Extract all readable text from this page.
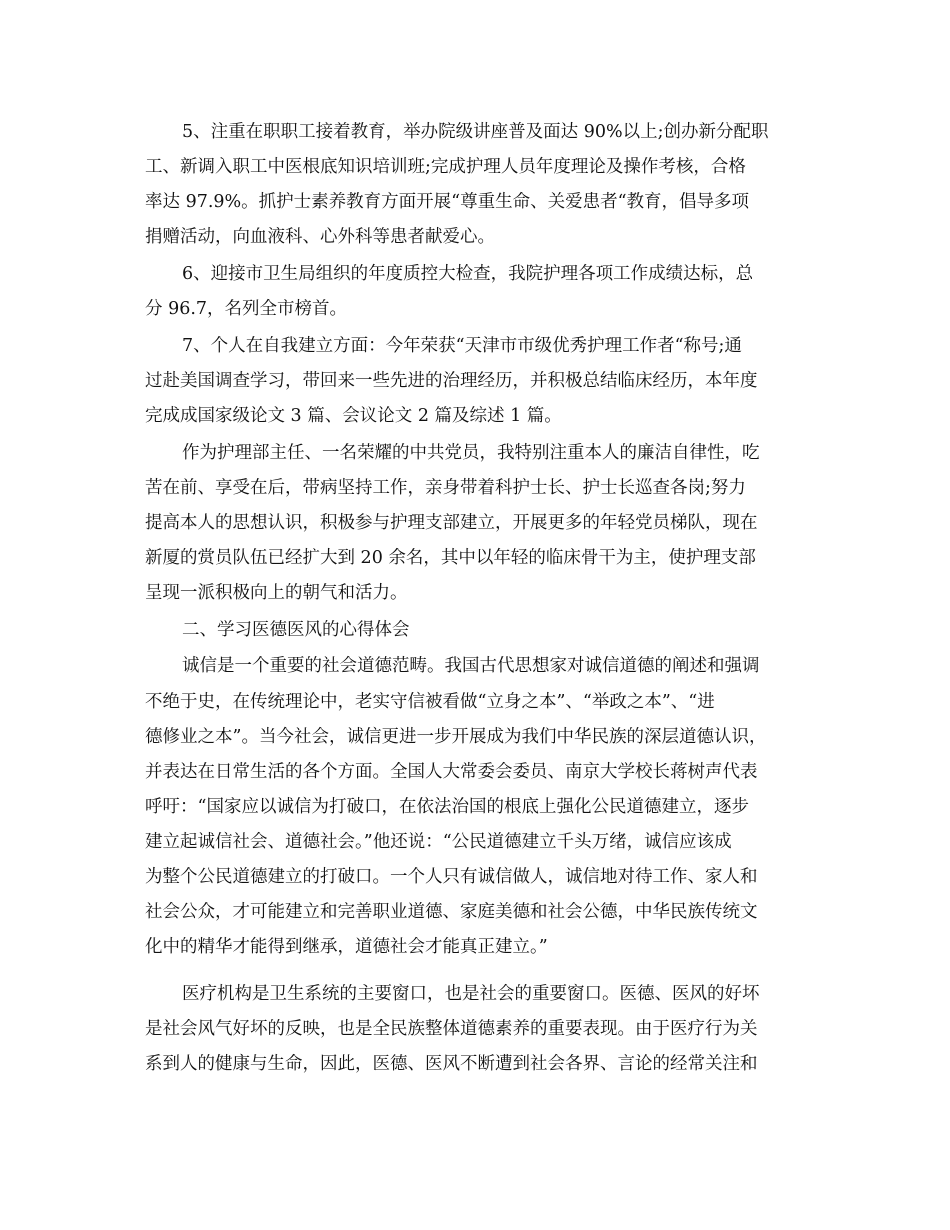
5、注重在职职工接着教育，举办院级讲座普及面达 90%以上;创办新分配职
工、新调入职工中医根底知识培训班;完成护理人员年度理论及操作考核，合格
率达 97.9%。抓护士素养教育方面开展“尊重生命、关爱患者“教育，倡导多项
捐赠活动，向血液科、心外科等患者献爱心。
6、迎接市卫生局组织的年度质控大检查，我院护理各项工作成绩达标，总
分 96.7，名列全市榜首。
7、个人在自我建立方面：今年荣获“天津市市级优秀护理工作者“称号;通
过赴美国调查学习，带回来一些先进的治理经历，并积极总结临床经历，本年度
完成成国家级论文 3 篇、会议论文 2 篇及综述 1 篇。
作为护理部主任、一名荣耀的中共党员，我特别注重本人的廉洁自律性，吃
苦在前、享受在后，带病坚持工作，亲身带着科护士长、护士长巡查各岗;努力
提高本人的思想认识，积极参与护理支部建立，开展更多的年轻党员梯队，现在
新厦的赏员队伍已经扩大到 20 余名，其中以年轻的临床骨干为主，使护理支部
呈现一派积极向上的朝气和活力。
二、学习医德医风的心得体会
诚信是一个重要的社会道德范畴。我国古代思想家对诚信道德的阐述和强调
不绝于史，在传统理论中，老实守信被看做“立身之本”、“举政之本”、“进
德修业之本”。当今社会，诚信更进一步开展成为我们中华民族的深层道德认识，
并表达在日常生活的各个方面。全国人大常委会委员、南京大学校长蒋树声代表
呼吁：“国家应以诚信为打破口，在依法治国的根底上强化公民道德建立，逐步
建立起诚信社会、道德社会。”他还说：“公民道德建立千头万绪，诚信应该成
为整个公民道德建立的打破口。一个人只有诚信做人，诚信地对待工作、家人和
社会公众，才可能建立和完善职业道德、家庭美德和社会公德，中华民族传统文
化中的精华才能得到继承，道德社会才能真正建立。”
医疗机构是卫生系统的主要窗口，也是社会的重要窗口。医德、医风的好坏
是社会风气好坏的反映，也是全民族整体道德素养的重要表现。由于医疗行为关
系到人的健康与生命，因此，医德、医风不断遭到社会各界、言论的经常关注和
